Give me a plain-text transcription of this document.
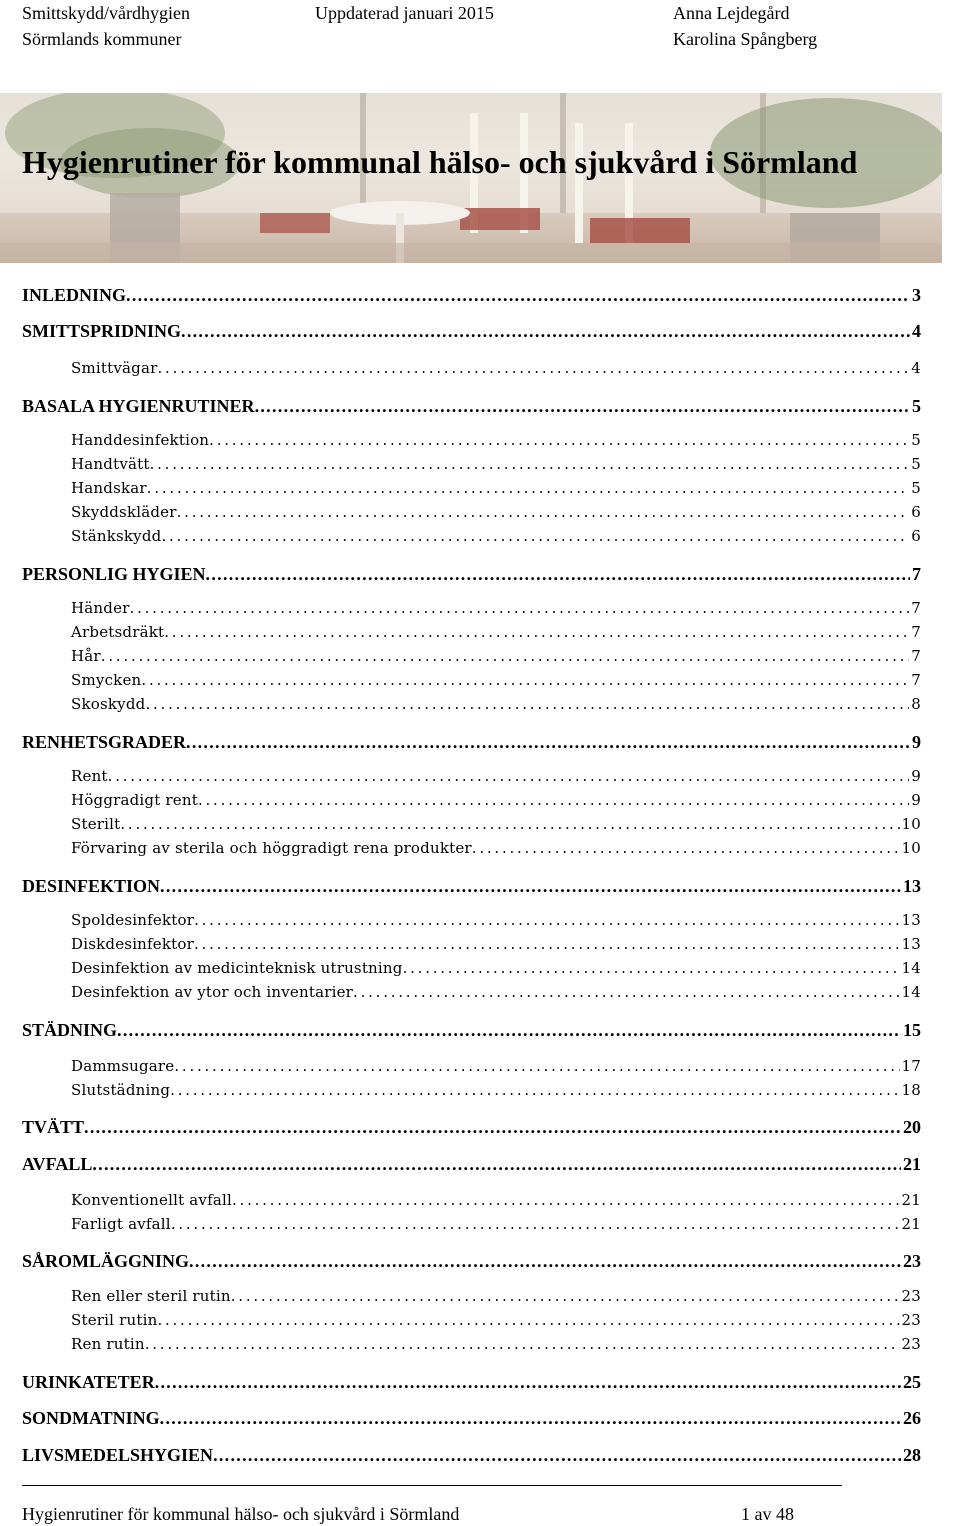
Smittskydd/vårdhygien
Sörmlands kommuner
Uppdaterad januari 2015	Anna Lejdegård
Karolina Spångberg
Hygienrutiner för kommunal hälso- och sjukvård i Sörmland
INLEDNING . . .	3
SMITTSPRIDNING . . .	4
Smittvägar . . .	4
BASALA HYGIENRUTINER . . .	5
Handdesinfektion . . .	5
Handtvätt . . .	5
Handskar . . .	5
Skyddskläder . . .	6
Stänkskydd . . .	6
PERSONLIG HYGIEN . . .	7
Händer . . .	7
Arbetsdräkt . . .	7
Hår . . .	7
Smycken . . .	7
Skoskydd . . .	8
RENHETSGRADER . . .	9
Rent . . .	9
Höggradigt rent . . .	9
Sterilt . . .	10
Förvaring av sterila och höggradigt rena produkter . . .	10
DESINFEKTION . . .	13
Spoldesinfektor . . .	13
Diskdesinfektor . . .	13
Desinfektion av medicinteknisk utrustning . . .	14
Desinfektion av ytor och inventarier . . .	14
STÄDNING . . .	15
Dammsugare . . .	17
Slutstädning . . .	18
TVÄTT . . .	20
AVFALL . . .	21
Konventionellt avfall . . .	21
Farligt avfall . . .	21
SÅROMLÄGGNING . . .	23
Ren eller steril rutin . . .	23
Steril rutin . . .	23
Ren rutin . . .	23
URINKATETER . . .	25
SONDMATNING . . .	26
LIVSMEDELSHYGIEN . . .	28
Hygienrutiner för kommunal hälso- och sjukvård i Sörmland	1 av 48
